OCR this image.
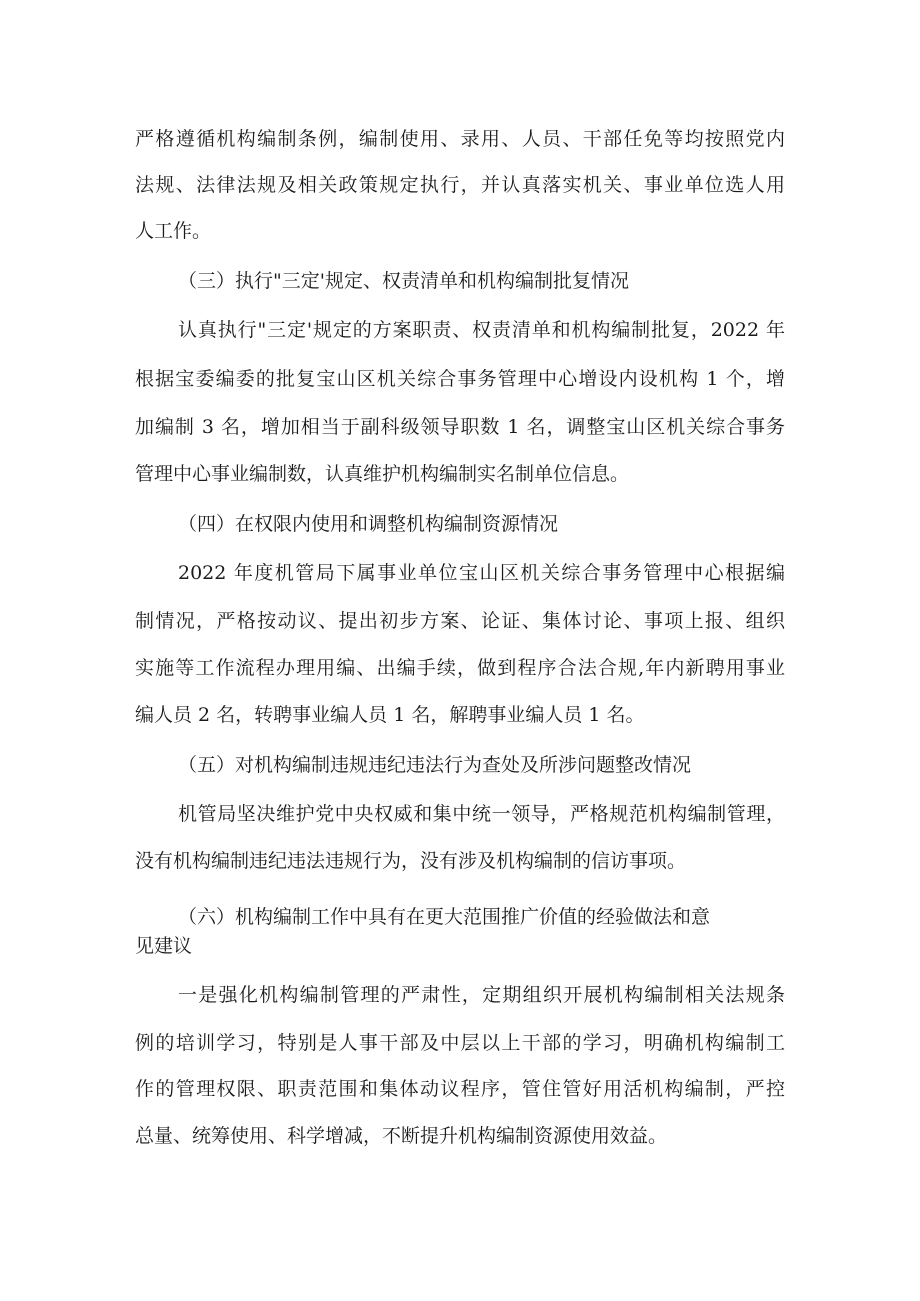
严格遵循机构编制条例，编制使用、录用、人员、干部任免等均按照党内
法规、法律法规及相关政策规定执行，并认真落实机关、事业单位选人用
人工作。
（三）执行"三定'规定、权责清单和机构编制批复情况
认真执行"三定'规定的方案职责、权责清单和机构编制批复，2022 年
根据宝委编委的批复宝山区机关综合事务管理中心增设内设机构 1 个，增
加编制 3 名，增加相当于副科级领导职数 1 名，调整宝山区机关综合事务
管理中心事业编制数，认真维护机构编制实名制单位信息。
（四）在权限内使用和调整机构编制资源情况
2022 年度机管局下属事业单位宝山区机关综合事务管理中心根据编
制情况，严格按动议、提出初步方案、论证、集体讨论、事项上报、组织
实施等工作流程办理用编、出编手续，做到程序合法合规,年内新聘用事业
编人员 2 名，转聘事业编人员 1 名，解聘事业编人员 1 名。
（五）对机构编制违规违纪违法行为查处及所涉问题整改情况
机管局坚决维护党中央权威和集中统一领导，严格规范机构编制管理，
没有机构编制违纪违法违规行为，没有涉及机构编制的信访事项。
（六）机构编制工作中具有在更大范围推广价值的经验做法和意
见建议
一是强化机构编制管理的严肃性，定期组织开展机构编制相关法规条
例的培训学习，特别是人事干部及中层以上干部的学习，明确机构编制工
作的管理权限、职责范围和集体动议程序，管住管好用活机构编制，严控
总量、统筹使用、科学增减，不断提升机构编制资源使用效益。
